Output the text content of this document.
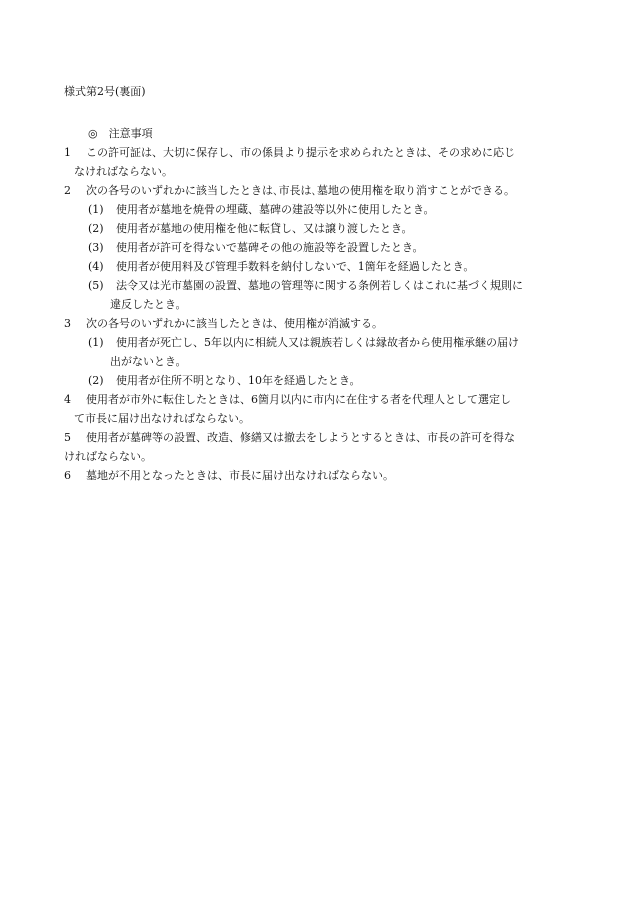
様式第2号(裏面)
◎　注意事項
1 この許可証は、大切に保存し、市の係員より提示を求められたときは、その求めに応じ
なければならない。
2 次の各号のいずれかに該当したときは､市長は､墓地の使用権を取り消すことができる。
(1) 使用者が墓地を焼骨の埋蔵、墓碑の建設等以外に使用したとき。
(2) 使用者が墓地の使用権を他に転貸し、又は譲り渡したとき。
(3) 使用者が許可を得ないで墓碑その他の施設等を設置したとき。
(4) 使用者が使用料及び管理手数料を納付しないで、1箇年を経過したとき。
(5) 法令又は光市墓園の設置、墓地の管理等に関する条例若しくはこれに基づく規則に
違反したとき。
3 次の各号のいずれかに該当したときは、使用権が消滅する。
(1) 使用者が死亡し、5年以内に相続人又は親族若しくは縁故者から使用権承継の届け
出がないとき。
(2) 使用者が住所不明となり、10年を経過したとき。
4 使用者が市外に転住したときは、6箇月以内に市内に在住する者を代理人として選定し
て市長に届け出なければならない。
5 使用者が墓碑等の設置、改造、修繕又は撤去をしようとするときは、市長の許可を得な
ければならない。
6 墓地が不用となったときは、市長に届け出なければならない。
